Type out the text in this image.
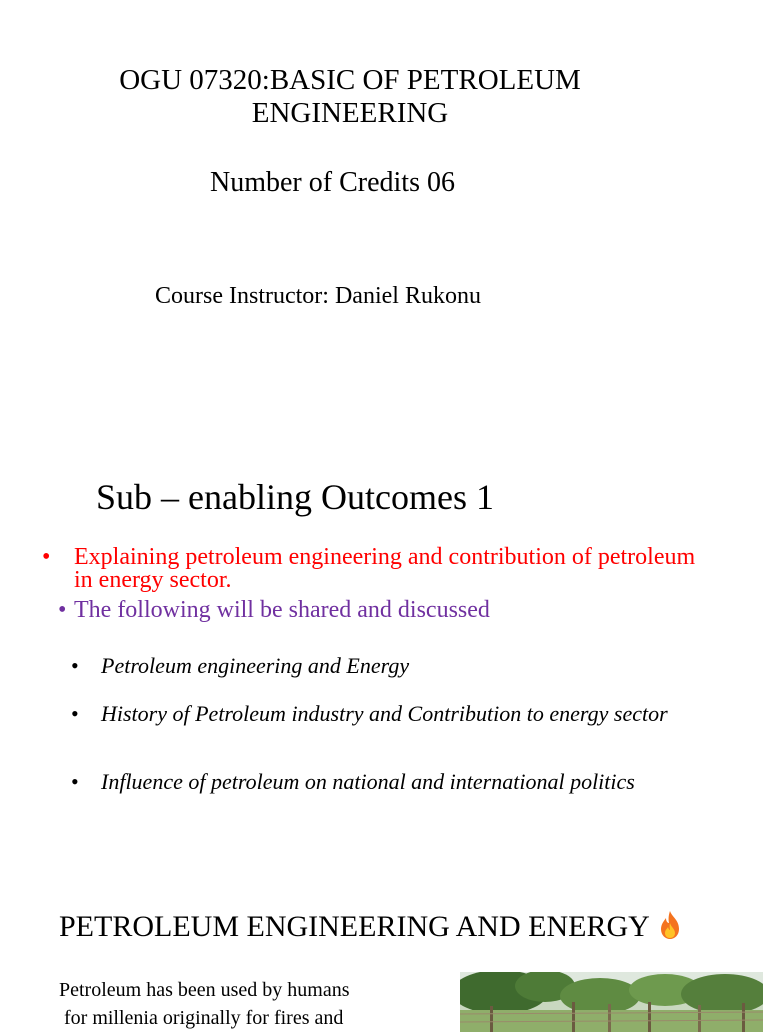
OGU 07320:BASIC OF PETROLEUM
ENGINEERING
Number of Credits 06
Course Instructor: Daniel Rukonu
Sub – enabling Outcomes 1
• Explaining petroleum engineering and contribution of petroleum in energy sector.
• The following will be shared and discussed
• Petroleum engineering and Energy
• History of Petroleum industry and Contribution to energy sector
• Influence of petroleum on national and international politics
PETROLEUM ENGINEERING AND ENERGY
Petroleum has been used by humans
for millenia originally for fires and
